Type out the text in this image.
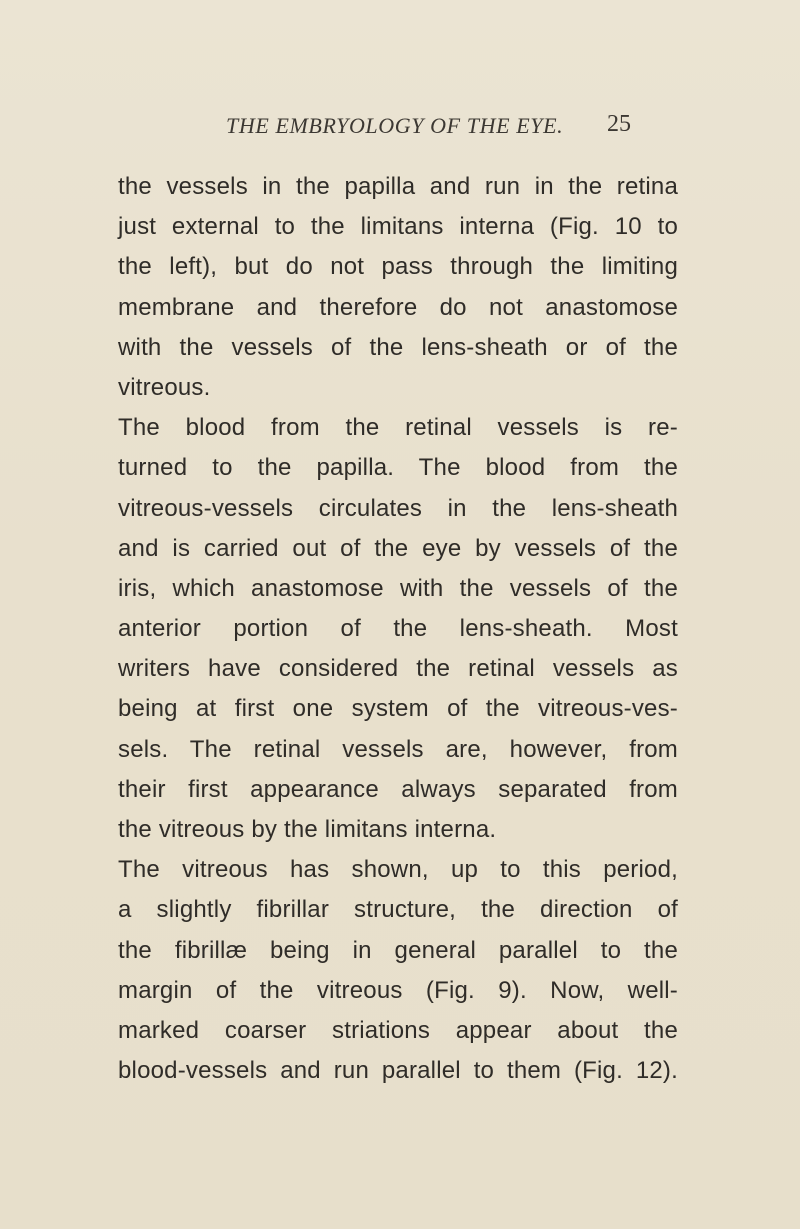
THE EMBRYOLOGY OF THE EYE. 25
the vessels in the papilla and run in the retina
just external to the limitans interna (Fig. 10 to
the left), but do not pass through the limiting
membrane and therefore do not anastomose
with the vessels of the lens-sheath or of the
vitreous.
The blood from the retinal vessels is re-
turned to the papilla. The blood from the
vitreous-vessels circulates in the lens-sheath
and is carried out of the eye by vessels of the
iris, which anastomose with the vessels of the
anterior portion of the lens-sheath. Most
writers have considered the retinal vessels as
being at first one system of the vitreous-ves-
sels. The retinal vessels are, however, from
their first appearance always separated from
the vitreous by the limitans interna.
The vitreous has shown, up to this period,
a slightly fibrillar structure, the direction of
the fibrillæ being in general parallel to the
margin of the vitreous (Fig. 9). Now, well-
marked coarser striations appear about the
blood-vessels and run parallel to them (Fig. 12).
